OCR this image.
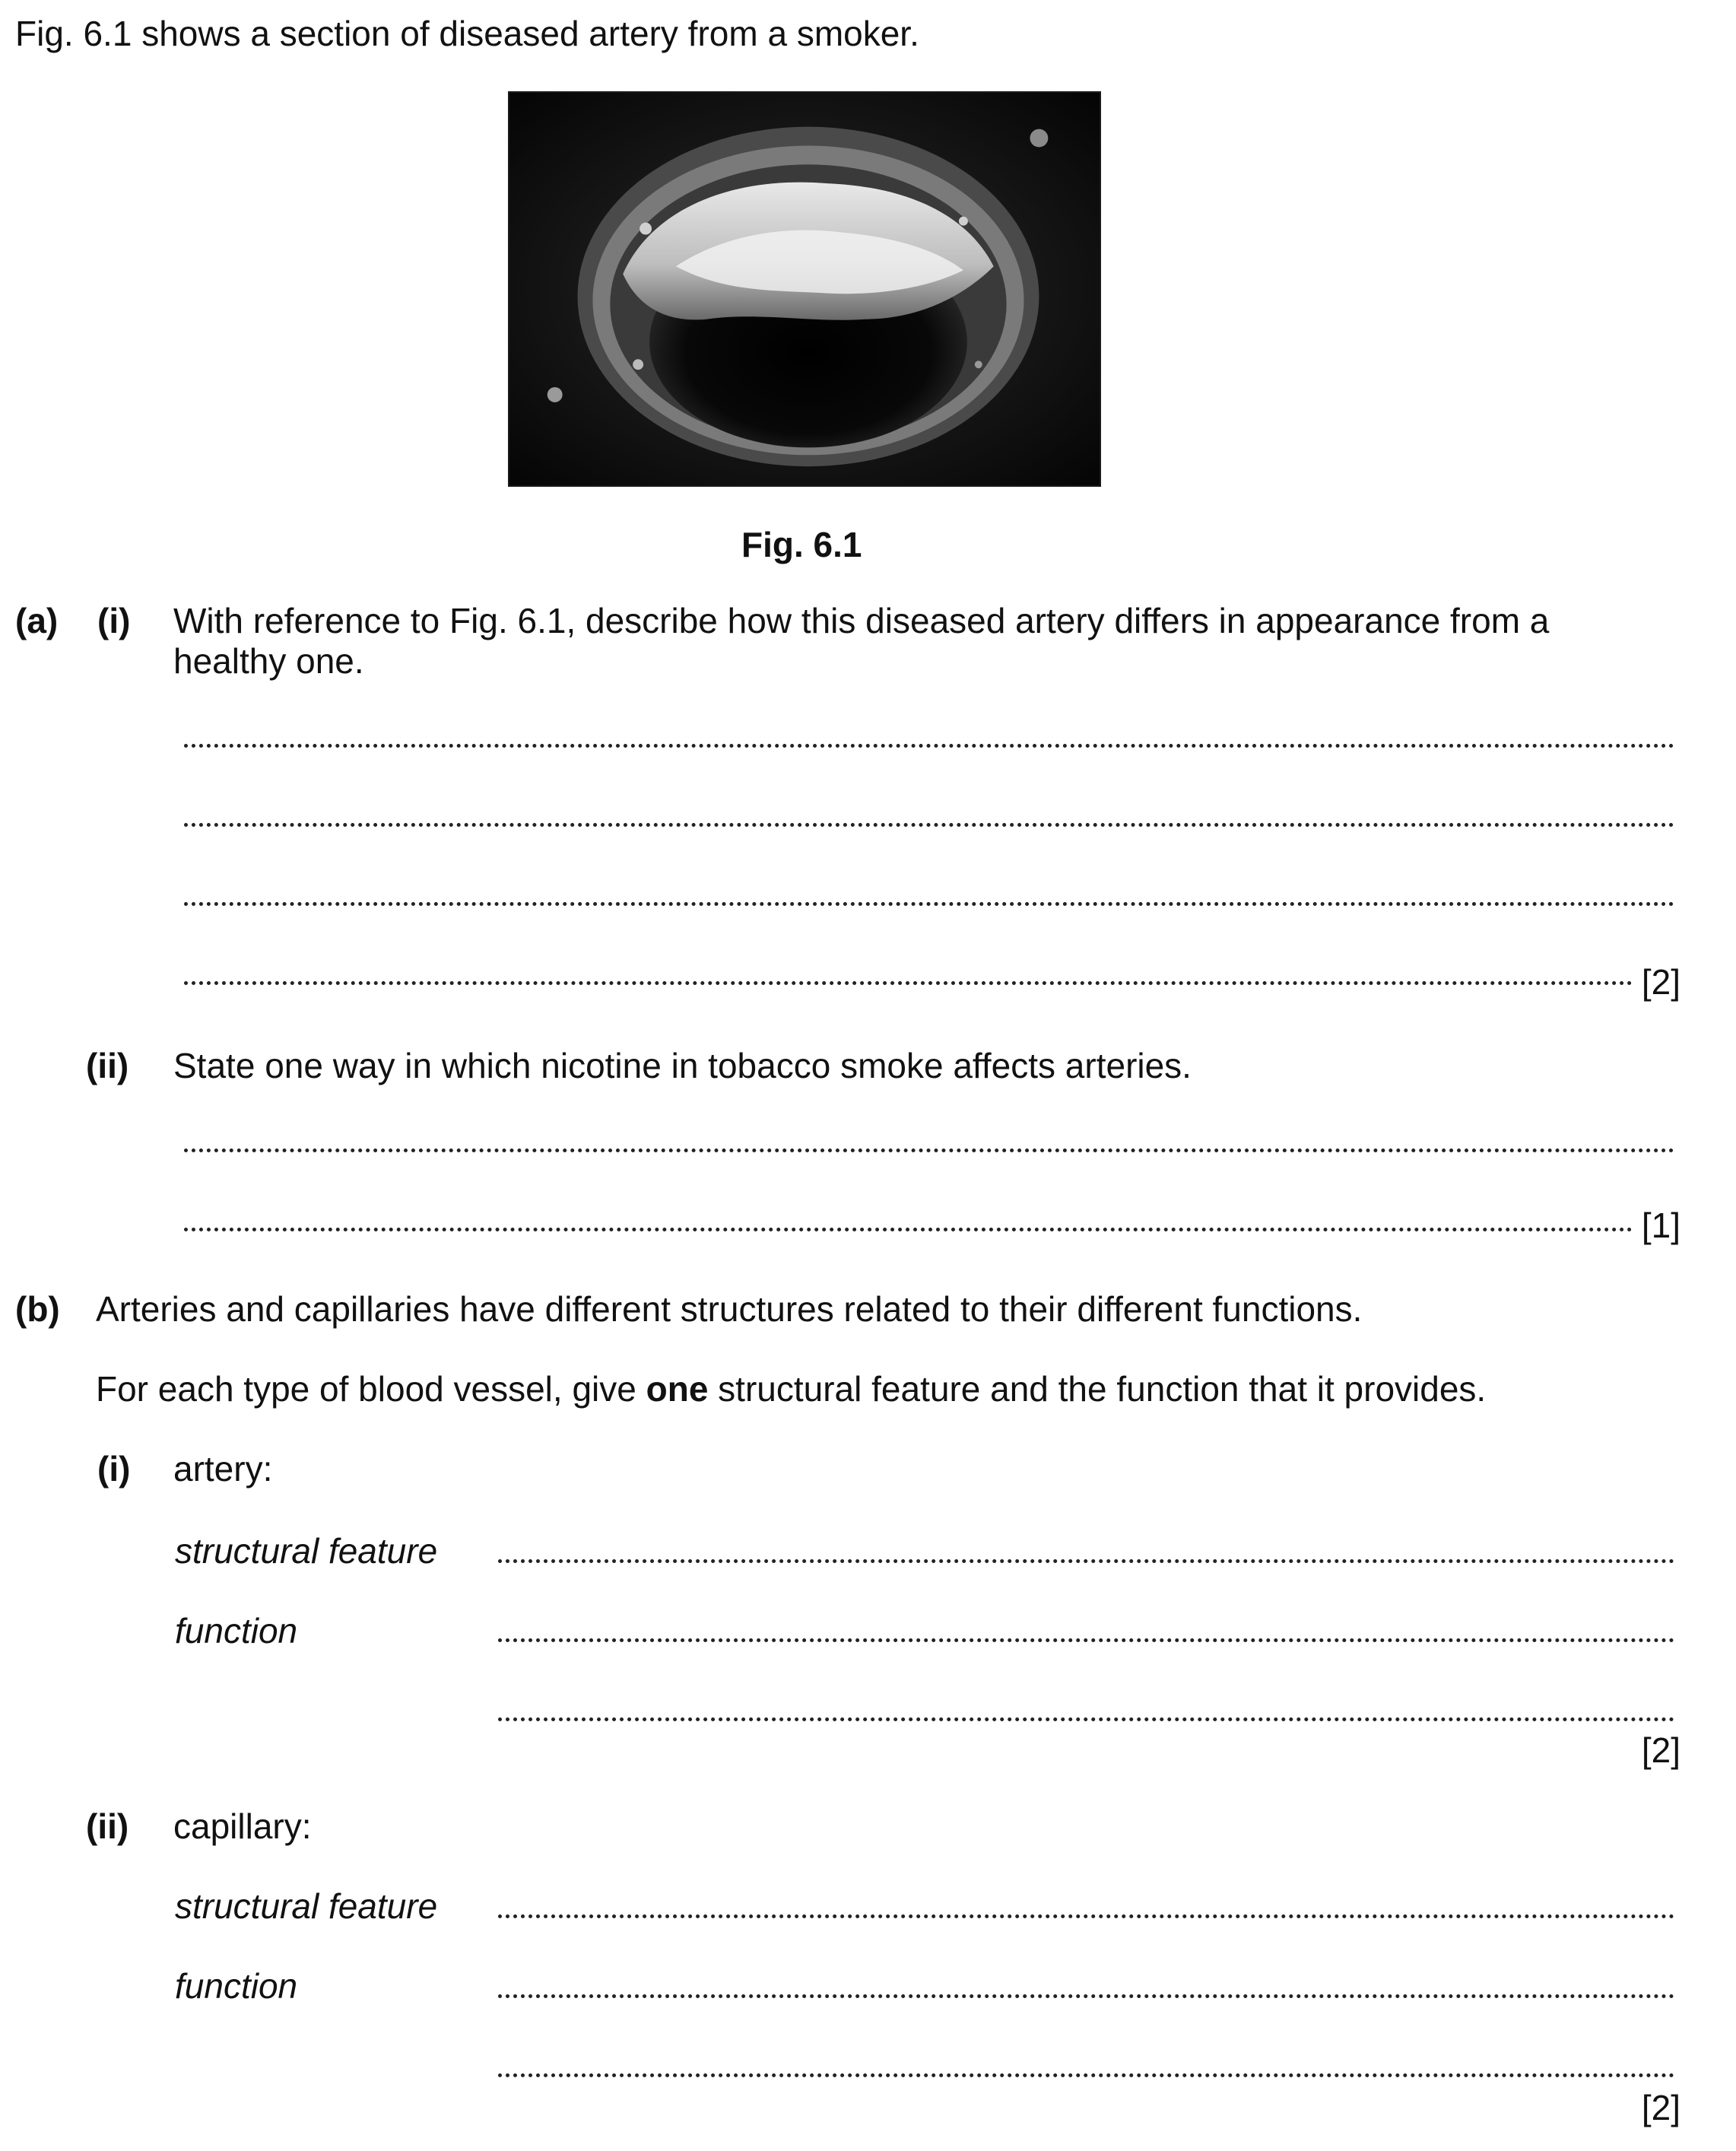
Fig. 6.1 shows a section of diseased artery from a smoker.
Fig. 6.1
(a) (i) With reference to Fig. 6.1, describe how this diseased artery differs in appearance from a
healthy one.
[2]
(ii) State one way in which nicotine in tobacco smoke affects arteries.
[1]
(b) Arteries and capillaries have different structures related to their different functions.
For each type of blood vessel, give one structural feature and the function that it provides.
(i) artery:
structural feature
function
[2]
(ii) capillary:
structural feature
function
[2]
